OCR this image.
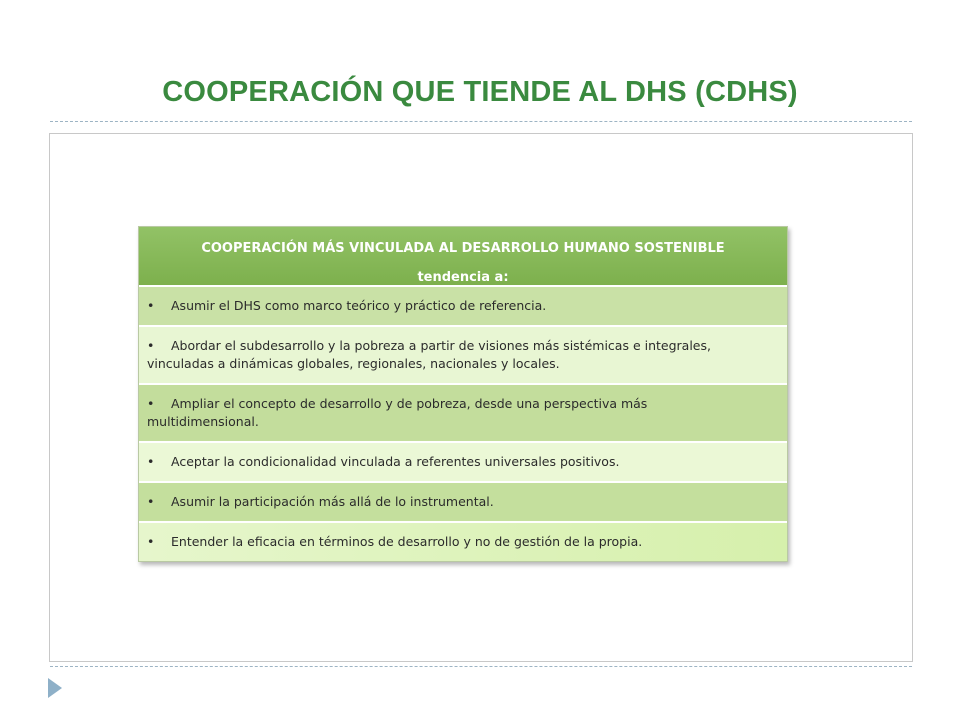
COOPERACIÓN QUE TIENDE AL DHS (CDHS)
COOPERACIÓN MÁS VINCULADA AL DESARROLLO HUMANO SOSTENIBLE
tendencia a:
• Asumir el DHS como marco teórico y práctico de referencia.
• Abordar el subdesarrollo y la pobreza a partir de visiones más sistémicas e integrales,
vinculadas a dinámicas globales, regionales, nacionales y locales.
• Ampliar el concepto de desarrollo y de pobreza, desde una perspectiva más
multidimensional.
• Aceptar la condicionalidad vinculada a referentes universales positivos.
• Asumir la participación más allá de lo instrumental.
• Entender la eficacia en términos de desarrollo y no de gestión de la propia.
